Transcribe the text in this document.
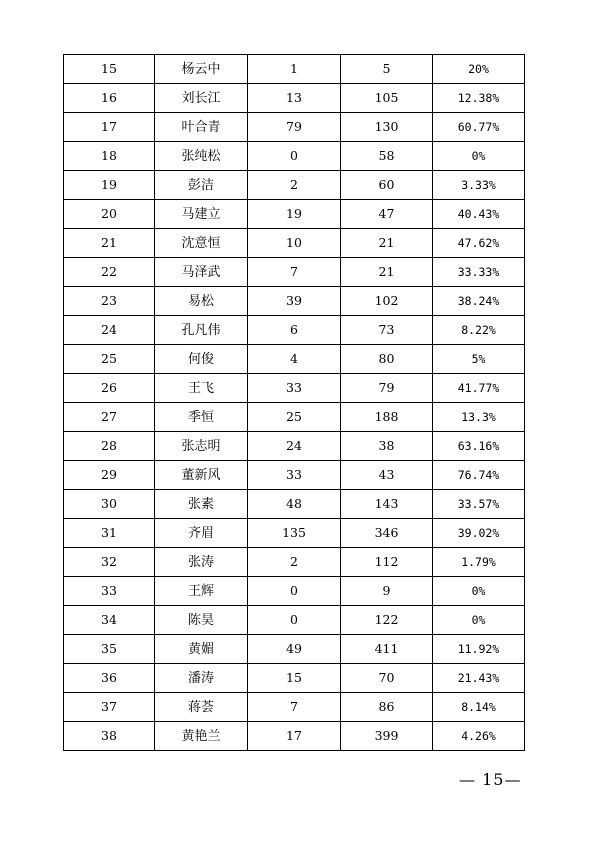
15	杨云中	1	5	20%
16	刘长江	13	105	12.38%
17	叶合青	79	130	60.77%
18	张纯松	0	58	0%
19	彭洁	2	60	3.33%
20	马建立	19	47	40.43%
21	沈意恒	10	21	47.62%
22	马泽武	7	21	33.33%
23	易松	39	102	38.24%
24	孔凡伟	6	73	8.22%
25	何俊	4	80	5%
26	王飞	33	79	41.77%
27	季恒	25	188	13.3%
28	张志明	24	38	63.16%
29	董新风	33	43	76.74%
30	张素	48	143	33.57%
31	齐眉	135	346	39.02%
32	张涛	2	112	1.79%
33	王辉	0	9	0%
34	陈昊	0	122	0%
35	黄媚	49	411	11.92%
36	潘涛	15	70	21.43%
37	蒋荟	7	86	8.14%
38	黄艳兰	17	399	4.26%
— 15—
